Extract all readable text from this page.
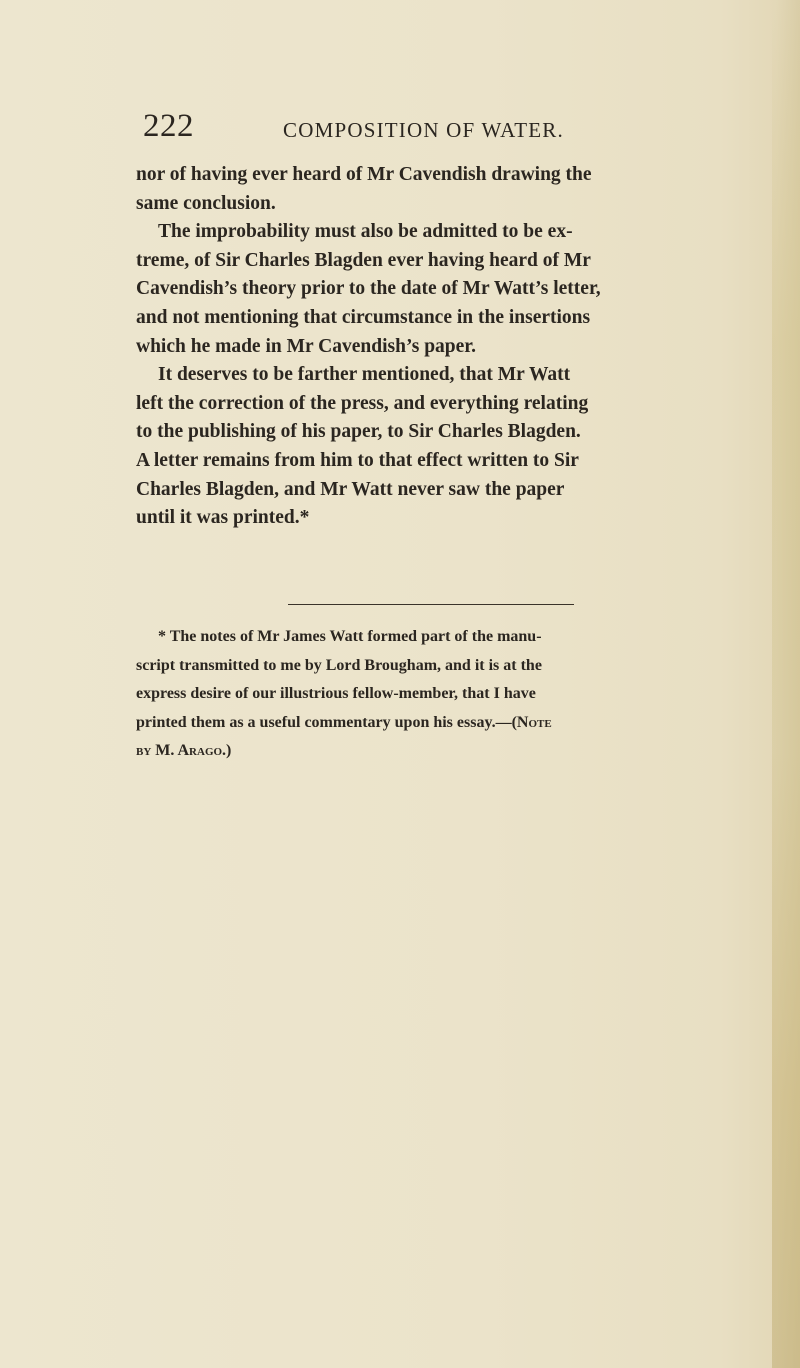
222	COMPOSITION OF WATER.
nor of having ever heard of Mr Cavendish drawing the
same conclusion.
The improbability must also be admitted to be ex-
treme, of Sir Charles Blagden ever having heard of Mr
Cavendish’s theory prior to the date of Mr Watt’s letter,
and not mentioning that circumstance in the insertions
which he made in Mr Cavendish’s paper.
It deserves to be farther mentioned, that Mr Watt
left the correction of the press, and everything relating
to the publishing of his paper, to Sir Charles Blagden.
A letter remains from him to that effect written to Sir
Charles Blagden, and Mr Watt never saw the paper
until it was printed.*
* The notes of Mr James Watt formed part of the manu-
script transmitted to me by Lord Brougham, and it is at the
express desire of our illustrious fellow-member, that I have
printed them as a useful commentary upon his essay.—(Note
by M. Arago.)
